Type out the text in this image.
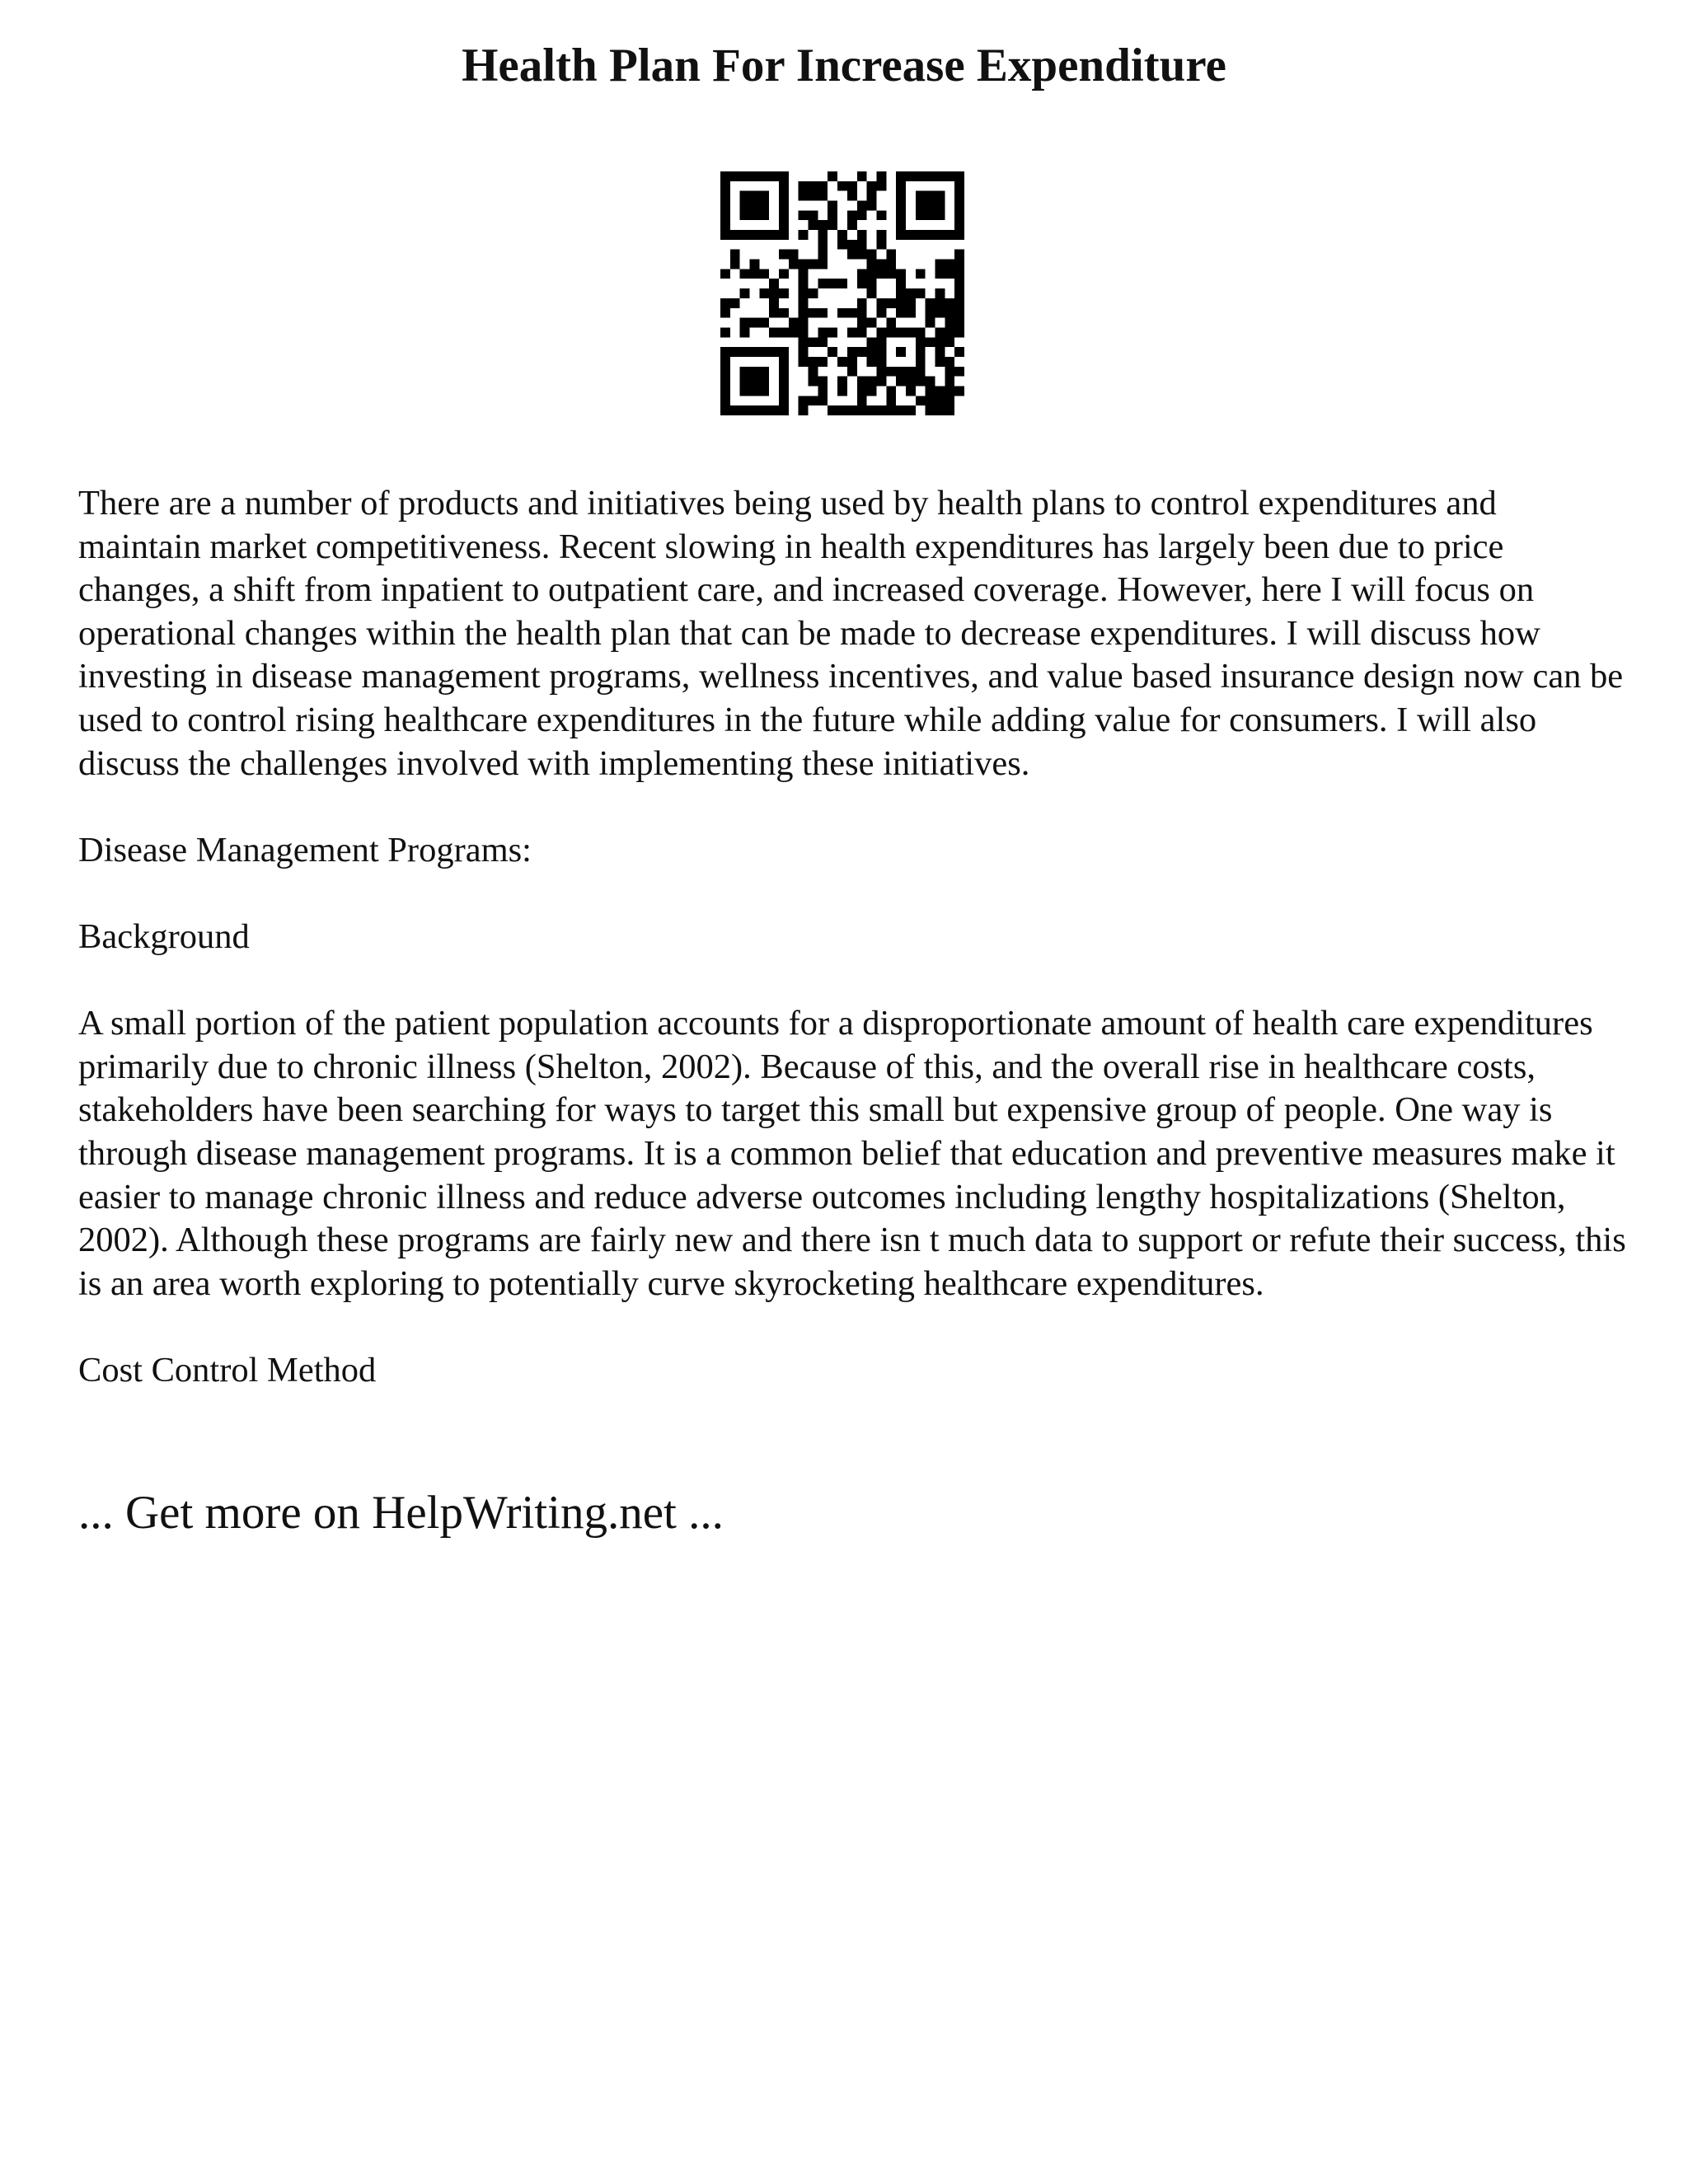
Health Plan For Increase Expenditure

There are a number of products and initiatives being used by health plans to control expenditures and maintain market competitiveness. Recent slowing in health expenditures has largely been due to price changes, a shift from inpatient to outpatient care, and increased coverage. However, here I will focus on operational changes within the health plan that can be made to decrease expenditures. I will discuss how investing in disease management programs, wellness incentives, and value based insurance design now can be used to control rising healthcare expenditures in the future while adding value for consumers. I will also discuss the challenges involved with implementing these initiatives.

Disease Management Programs:

Background

A small portion of the patient population accounts for a disproportionate amount of health care expenditures primarily due to chronic illness (Shelton, 2002). Because of this, and the overall rise in healthcare costs, stakeholders have been searching for ways to target this small but expensive group of people. One way is through disease management programs. It is a common belief that education and preventive measures make it easier to manage chronic illness and reduce adverse outcomes including lengthy hospitalizations (Shelton, 2002). Although these programs are fairly new and there isn t much data to support or refute their success, this is an area worth exploring to potentially curve skyrocketing healthcare expenditures.

Cost Control Method

... Get more on HelpWriting.net ...
